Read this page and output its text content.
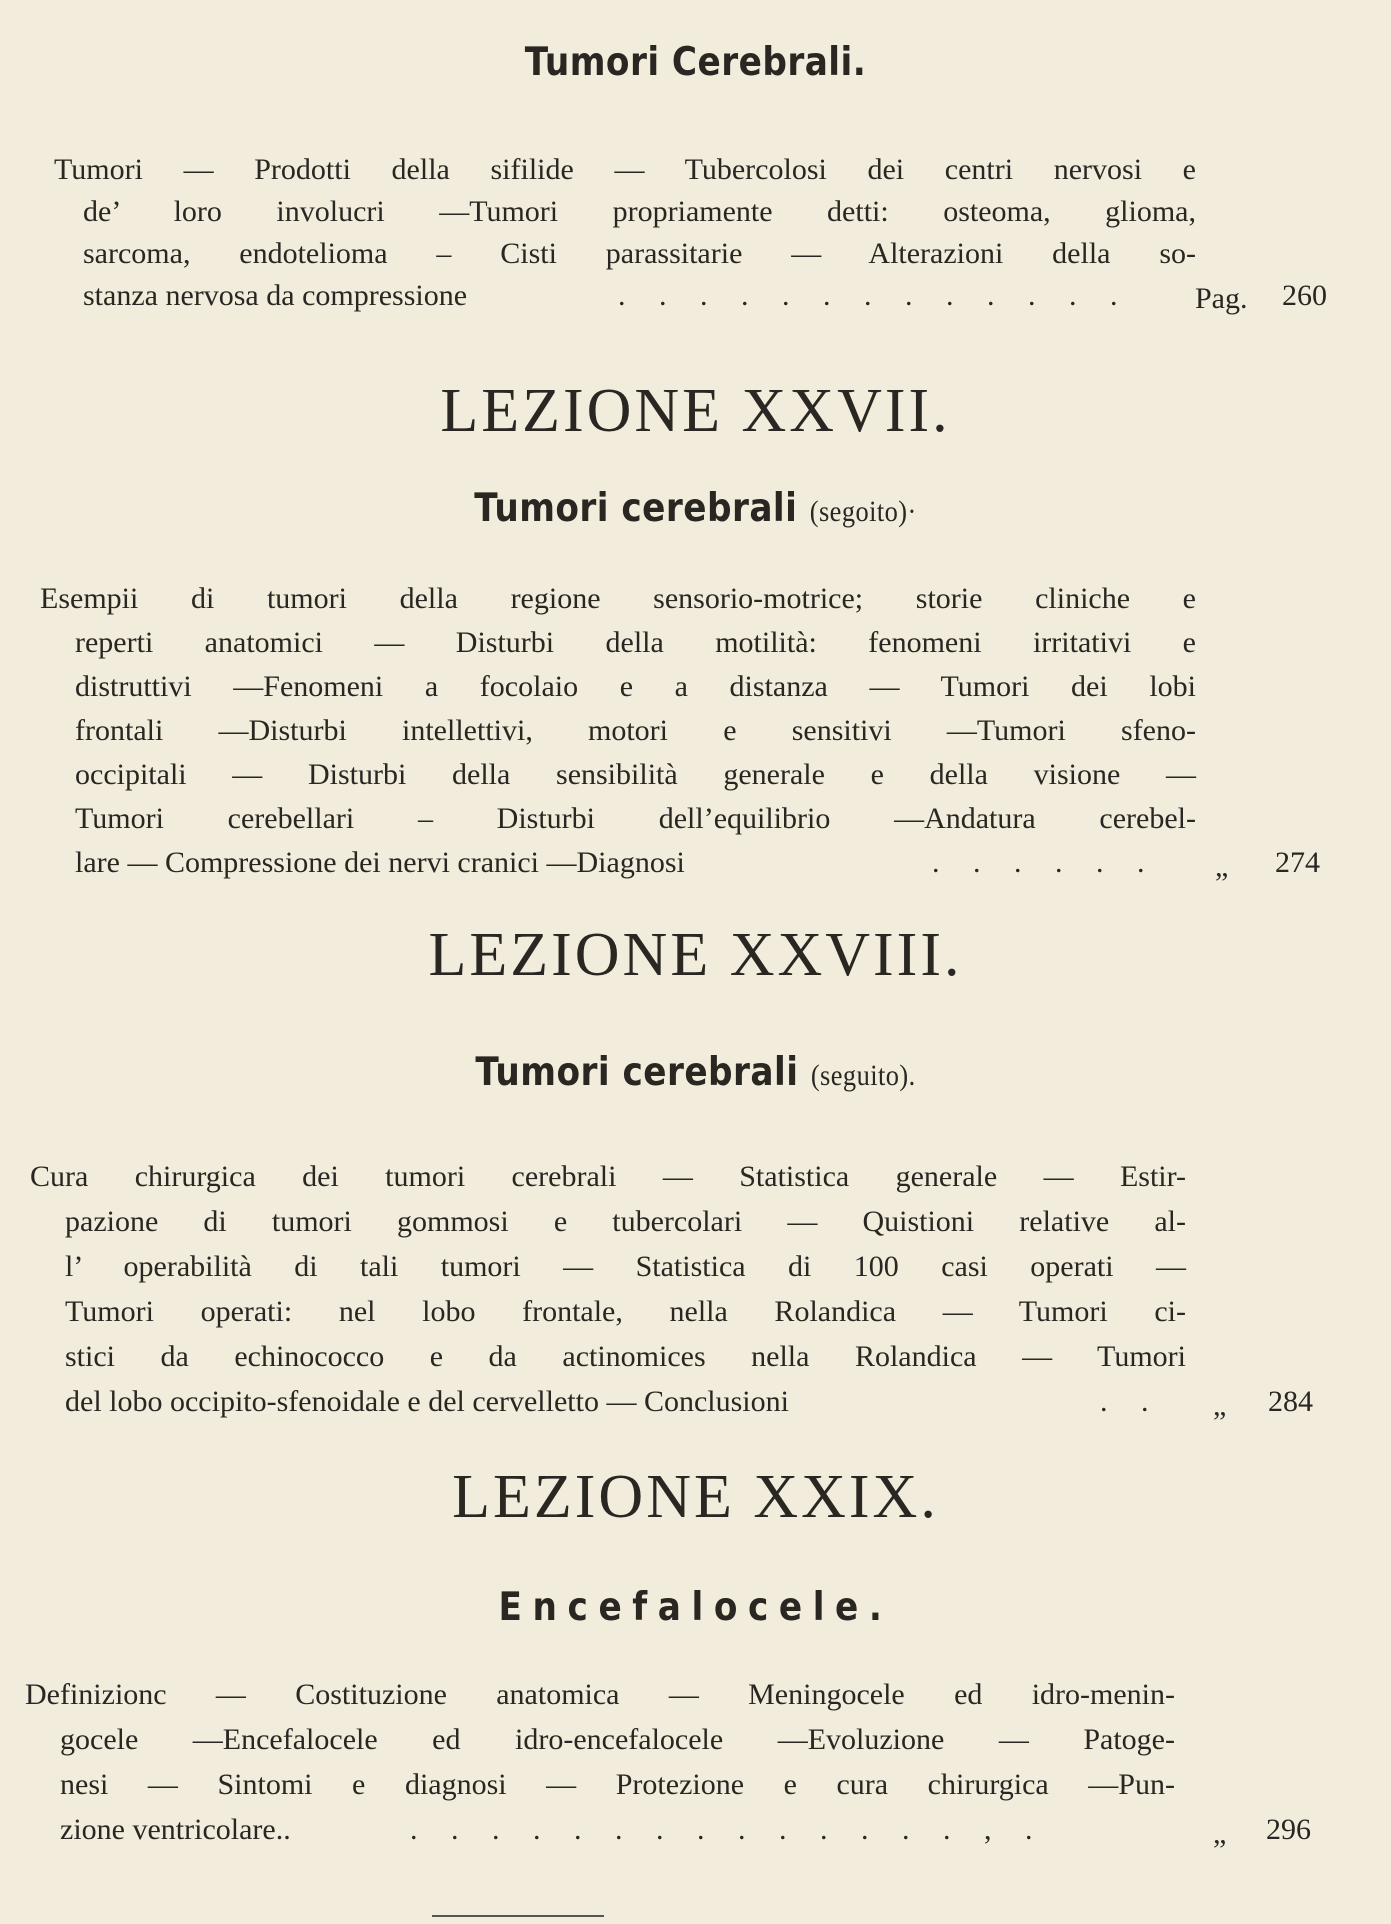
Tumori Cerebrali.
Tumori — Prodotti della sifilide — Tubercolosi dei centri nervosi e
de’ loro involucri —Tumori propriamente detti: osteoma, glioma,
sarcoma, endotelioma – Cisti parassitarie — Alterazioni della so-
stanza nervosa da compressione	. . . . . . . . . . . . . Pag. 260
LEZIONE XXVII.
Tumori cerebrali (segoito)·
Esempii di tumori della regione sensorio-motrice; storie cliniche e
reperti anatomici — Disturbi della motilità: fenomeni irritativi e
distruttivi —Fenomeni a focolaio e a distanza — Tumori dei lobi
frontali —Disturbi intellettivi, motori e sensitivi —Tumori sfeno-
occipitali — Disturbi della sensibilità generale e della visione —
Tumori cerebellari – Disturbi dell’equilibrio —Andatura cerebel-
lare — Compressione dei nervi cranici —Diagnosi	. . . . . . „ 274
LEZIONE XXVIII.
Tumori cerebrali (seguito).
Cura chirurgica dei tumori cerebrali — Statistica generale — Estir-
pazione di tumori gommosi e tubercolari — Quistioni relative al-
l’ operabilità di tali tumori — Statistica di 100 casi operati —
Tumori operati: nel lobo frontale, nella Rolandica — Tumori ci-
stici da echinococco e da actinomices nella Rolandica — Tumori
del lobo occipito-sfenoidale e del cervelletto — Conclusioni	. . „ 284
LEZIONE XXIX.
Encefalocele.
Definizionc — Costituzione anatomica — Meningocele ed idro-menin-
gocele —Encefalocele ed idro-encefalocele —Evoluzione — Patoge-
nesi — Sintomi e diagnosi — Protezione e cura chirurgica —Pun-
zione ventricolare..	. . . . . . . . . . . . . . , .	„ 296
